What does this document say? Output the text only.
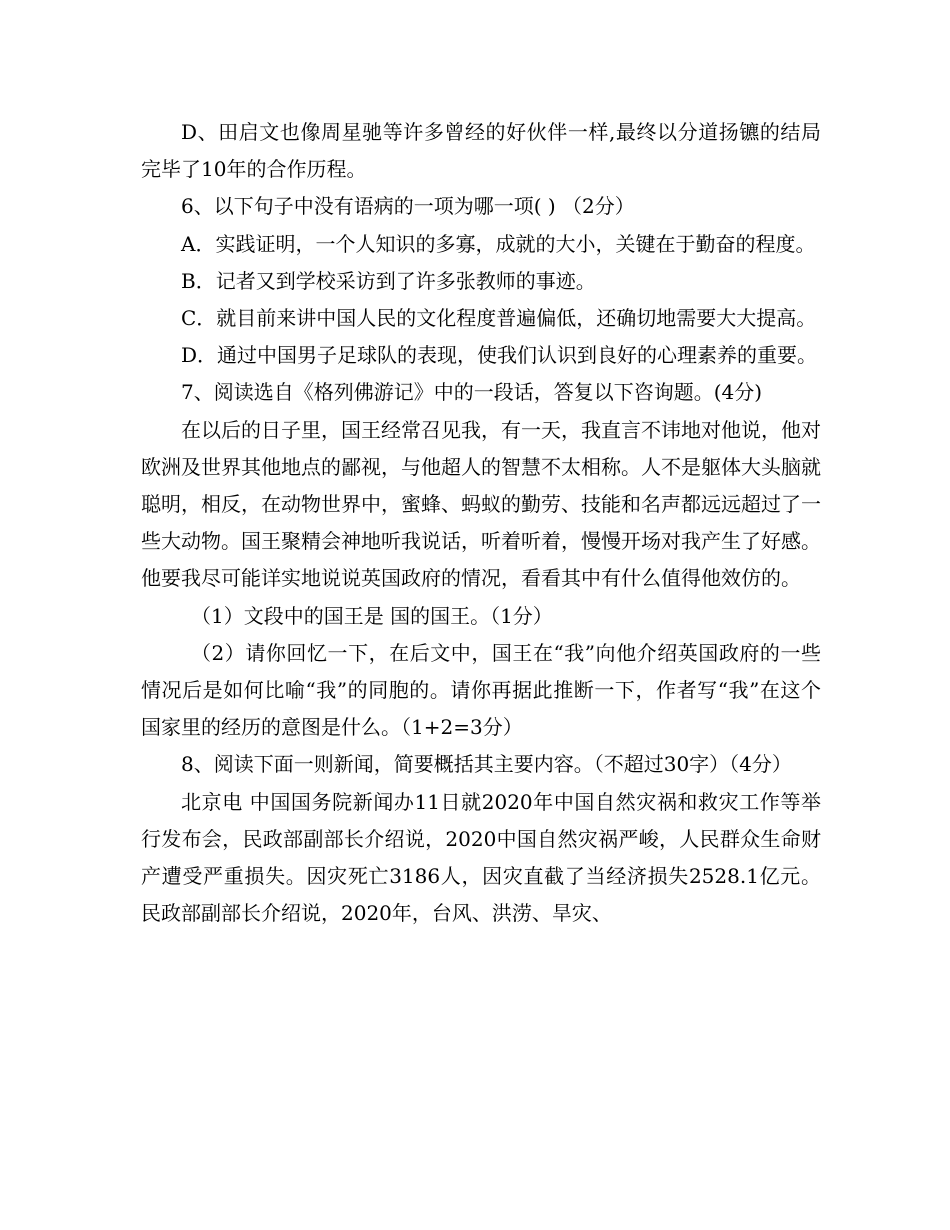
D、田启文也像周星驰等许多曾经的好伙伴一样,最终以分道扬镳的结局完毕了10年的合作历程。

6、以下句子中没有语病的一项为哪一项( ) （2分）

A．实践证明，一个人知识的多寡，成就的大小，关键在于勤奋的程度。

B．记者又到学校采访到了许多张教师的事迹。

C．就目前来讲中国人民的文化程度普遍偏低，还确切地需要大大提高。

D．通过中国男子足球队的表现，使我们认识到良好的心理素养的重要。

7、阅读选自《格列佛游记》中的一段话，答复以下咨询题。(4分)

在以后的日子里，国王经常召见我，有一天，我直言不讳地对他说，他对欧洲及世界其他地点的鄙视，与他超人的智慧不太相称。人不是躯体大头脑就聪明，相反，在动物世界中，蜜蜂、蚂蚁的勤劳、技能和名声都远远超过了一些大动物。国王聚精会神地听我说话，听着听着，慢慢开场对我产生了好感。他要我尽可能详实地说说英国政府的情况，看看其中有什么值得他效仿的。

（1）文段中的国王是 国的国王。（1分）

（2）请你回忆一下，在后文中，国王在“我”向他介绍英国政府的一些情况后是如何比喻“我”的同胞的。请你再据此推断一下，作者写“我”在这个国家里的经历的意图是什么。（1+2=3分）

8、阅读下面一则新闻，简要概括其主要内容。（不超过30字）（4分）

北京电 中国国务院新闻办11日就2020年中国自然灾祸和救灾工作等举行发布会，民政部副部长介绍说，2020中国自然灾祸严峻，人民群众生命财产遭受严重损失。因灾死亡3186人，因灾直截了当经济损失2528.1亿元。民政部副部长介绍说，2020年，台风、洪涝、旱灾、
